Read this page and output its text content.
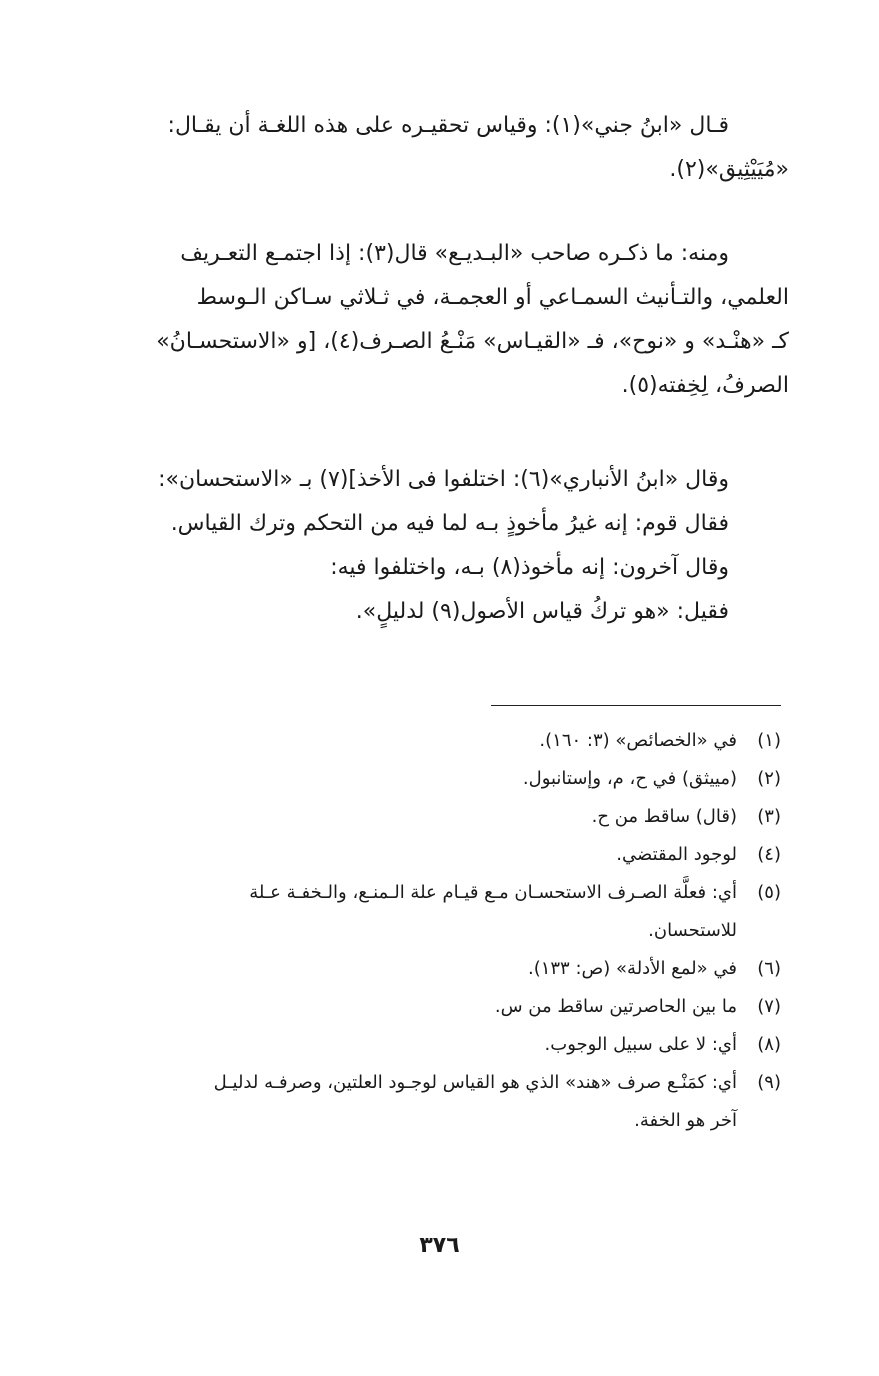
قـال «ابنُ جني»(١): وقياس تحقيـره على هذه اللغـة أن يقـال:
«مُيَيْثِيق»(٢).

ومنه: ما ذكـره صاحب «البـديـع» قال(٣): إذا اجتمـع التعـريف
العلمي، والتـأنيث السمـاعي أو العجمـة، في ثـلاثي سـاكن الـوسط
كـ «هنْـد» و «نوح»، فـ «القيـاس» مَنْـعُ الصـرف(٤)، [و «الاستحسـانُ»
الصرفُ، لِخِفته(٥).

وقال «ابنُ الأنباري»(٦): اختلفوا فى الأخذ](٧) بـ «الاستحسان»:
فقال قوم: إنه غيرُ مأخوذٍ بـه لما فيه من التحكم وترك القياس.
وقال آخرون: إنه مأخوذ(٨) بـه، واختلفوا فيه:
فقيل: «هو تركُ قياس الأصول(٩) لدليلٍ».

(١)
في «الخصائص» (٣: ١٦٠).
(٢)
(مييثق) في ح، م، وإستانبول.
(٣)
(قال) ساقط من ح.
(٤)
لوجود المقتضي.
(٥)
أي: فعلَّة الصـرف الاستحسـان مـع قيـام علة الـمنـع، والـخفـة عـلة
للاستحسان.
(٦)
في «لمع الأدلة» (ص: ١٣٣).
(٧)
ما بين الحاصرتين ساقط من س.
(٨)
أي: لا على سبيل الوجوب.
(٩)
أي: كمَنْـع صرف «هند» الذي هو القياس لوجـود العلتين، وصرفـه لدليـل
آخر هو الخفة.
٣٧٦
